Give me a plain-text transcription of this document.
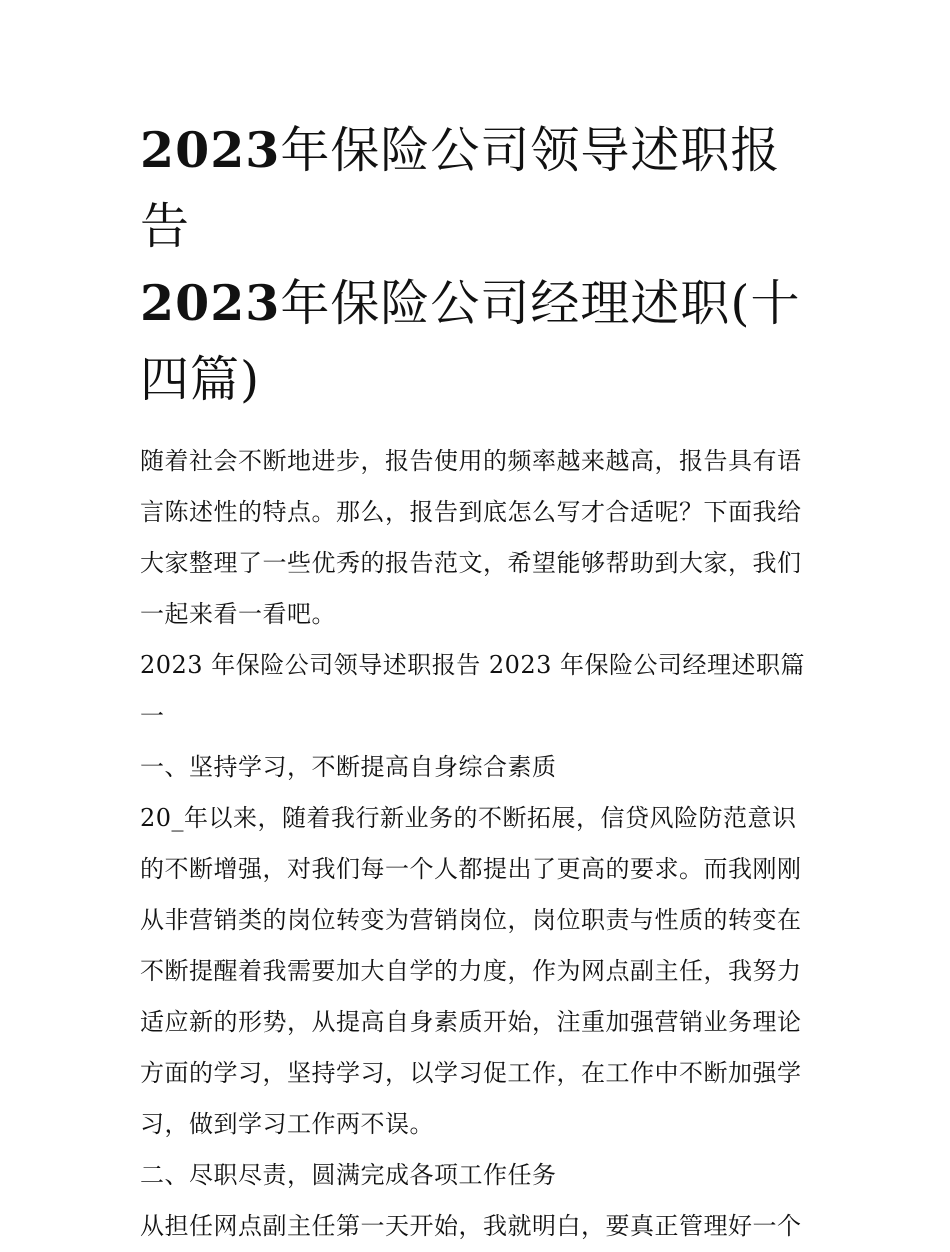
2023年保险公司领导述职报告
2023年保险公司经理述职(十
四篇)

随着社会不断地进步，报告使用的频率越来越高，报告具有语

言陈述性的特点。那么，报告到底怎么写才合适呢？下面我给

大家整理了一些优秀的报告范文，希望能够帮助到大家，我们

一起来看一看吧。

2023 年保险公司领导述职报告 2023 年保险公司经理述职篇一

一、坚持学习，不断提高自身综合素质

20_年以来，随着我行新业务的不断拓展，信贷风险防范意识

的不断增强，对我们每一个人都提出了更高的要求。而我刚刚

从非营销类的岗位转变为营销岗位，岗位职责与性质的转变在

不断提醒着我需要加大自学的力度，作为网点副主任，我努力

适应新的形势，从提高自身素质开始，注重加强营销业务理论

方面的学习，坚持学习，以学习促工作，在工作中不断加强学

习，做到学习工作两不误。

二、尽职尽责，圆满完成各项工作任务

从担任网点副主任第一天开始，我就明白，要真正管理好一个
